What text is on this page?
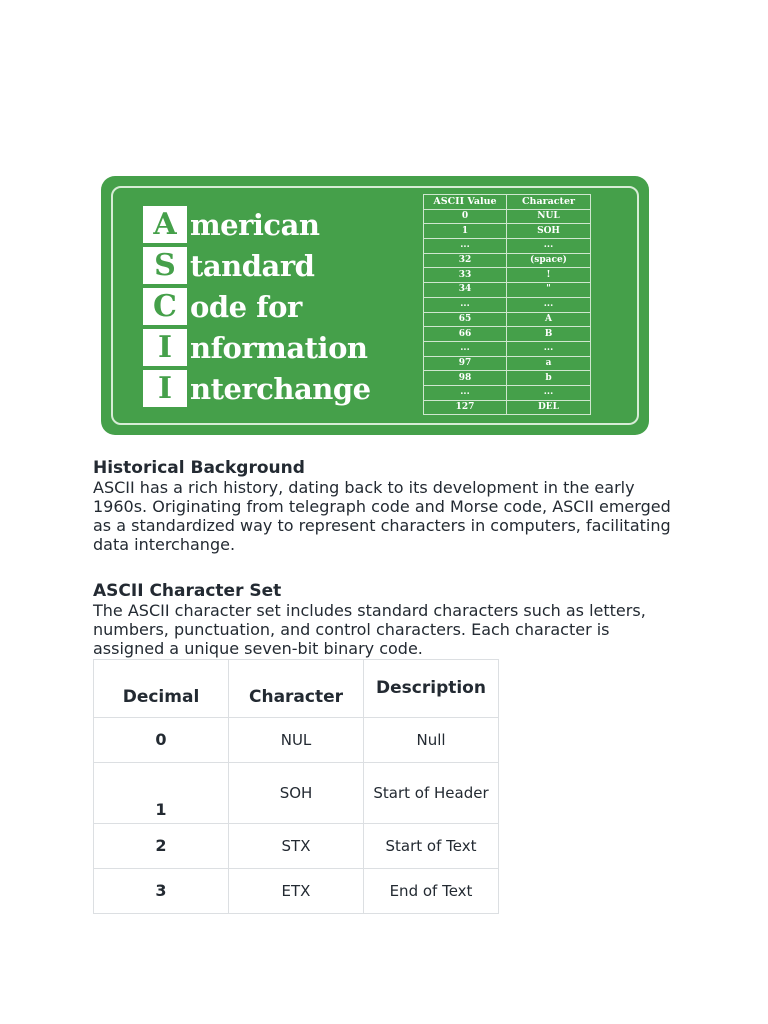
A merican
S tandard
C ode for
I nformation
I nterchange
ASCII Value	Character
0	NUL
1	SOH
...	...
32	(space)
33	!
34	"
...	...
65	A
66	B
...	...
97	a
98	b
...	...
127	DEL
Historical Background

ASCII has a rich history, dating back to its development in the early 1960s. Originating from telegraph code and Morse code, ASCII emerged as a standardized way to represent characters in computers, facilitating data interchange.

ASCII Character Set

The ASCII character set includes standard characters such as letters, numbers, punctuation, and control characters. Each character is assigned a unique seven-bit binary code.

Decimal	Character	Description
0	NUL	Null
1	SOH	Start of Header
2	STX	Start of Text
3	ETX	End of Text
